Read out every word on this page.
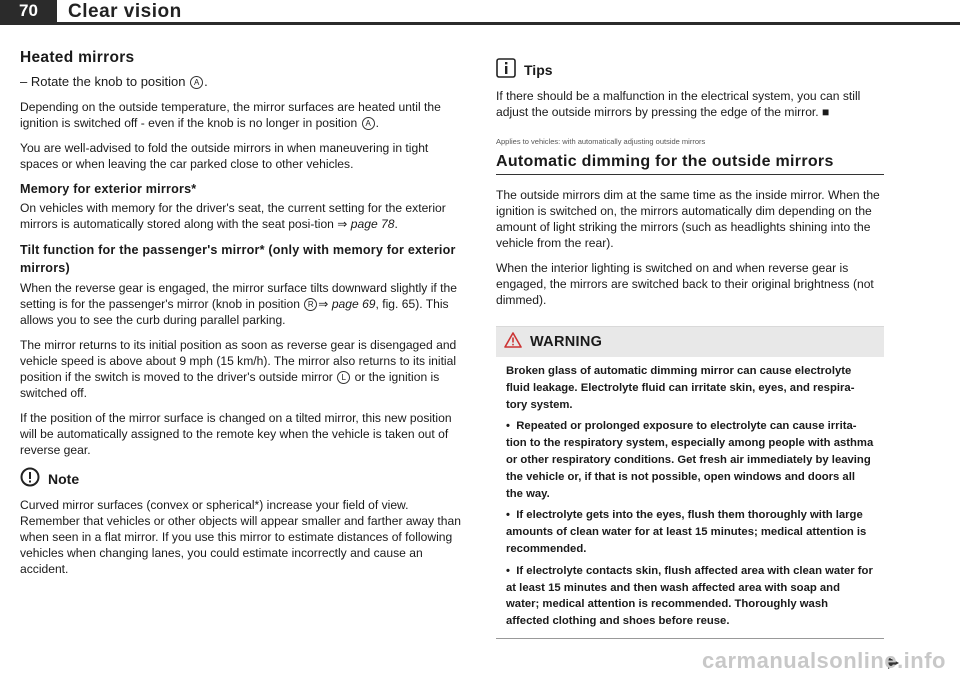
70	Clear vision
Heated mirrors

– Rotate the knob to position A .

Depending on the outside temperature, the mirror surfaces are heated until the ignition is switched off - even if the knob is no longer in position A .

You are well-advised to fold the outside mirrors in when maneuvering in tight spaces or when leaving the car parked close to other vehicles.

Memory for exterior mirrors*

On vehicles with memory for the driver's seat, the current setting for the exterior mirrors is automatically stored along with the seat posi-tion ⇒ page 78.

Tilt function for the passenger's mirror* (only with memory for exterior mirrors)

When the reverse gear is engaged, the mirror surface tilts downward slightly if the setting is for the passenger's mirror (knob in position R ⇒ page 69, fig. 65). This allows you to see the curb during parallel parking.

The mirror returns to its initial position as soon as reverse gear is disengaged and vehicle speed is above about 9 mph (15 km/h). The mirror also returns to its initial position if the switch is moved to the driver's outside mirror L or the ignition is switched off.

If the position of the mirror surface is changed on a tilted mirror, this new position will be automatically assigned to the remote key when the vehicle is taken out of reverse gear.

Note

Curved mirror surfaces (convex or spherical*) increase your field of view. Remember that vehicles or other objects will appear smaller and farther away than when seen in a flat mirror. If you use this mirror to estimate distances of following vehicles when changing lanes, you could estimate incorrectly and cause an accident.

Tips

If there should be a malfunction in the electrical system, you can still adjust the outside mirrors by pressing the edge of the mirror. ■

Applies to vehicles: with automatically adjusting outside mirrors
Automatic dimming for the outside mirrors

The outside mirrors dim at the same time as the inside mirror. When the ignition is switched on, the mirrors automatically dim depending on the amount of light striking the mirrors (such as headlights shining into the vehicle from the rear).

When the interior lighting is switched on and when reverse gear is engaged, the mirrors are switched back to their original brightness (not dimmed).

WARNING

Broken glass of automatic dimming mirror can cause electrolyte fluid leakage. Electrolyte fluid can irritate skin, eyes, and respira-tory system.

• Repeated or prolonged exposure to electrolyte can cause irrita-tion to the respiratory system, especially among people with asthma or other respiratory conditions. Get fresh air immediately by leaving the vehicle or, if that is not possible, open windows and doors all the way.

• If electrolyte gets into the eyes, flush them thoroughly with large amounts of clean water for at least 15 minutes; medical attention is recommended.

• If electrolyte contacts skin, flush affected area with clean water for at least 15 minutes and then wash affected area with soap and water; medical attention is recommended. Thoroughly wash affected clothing and shoes before reuse.

carmanualsonline.info
